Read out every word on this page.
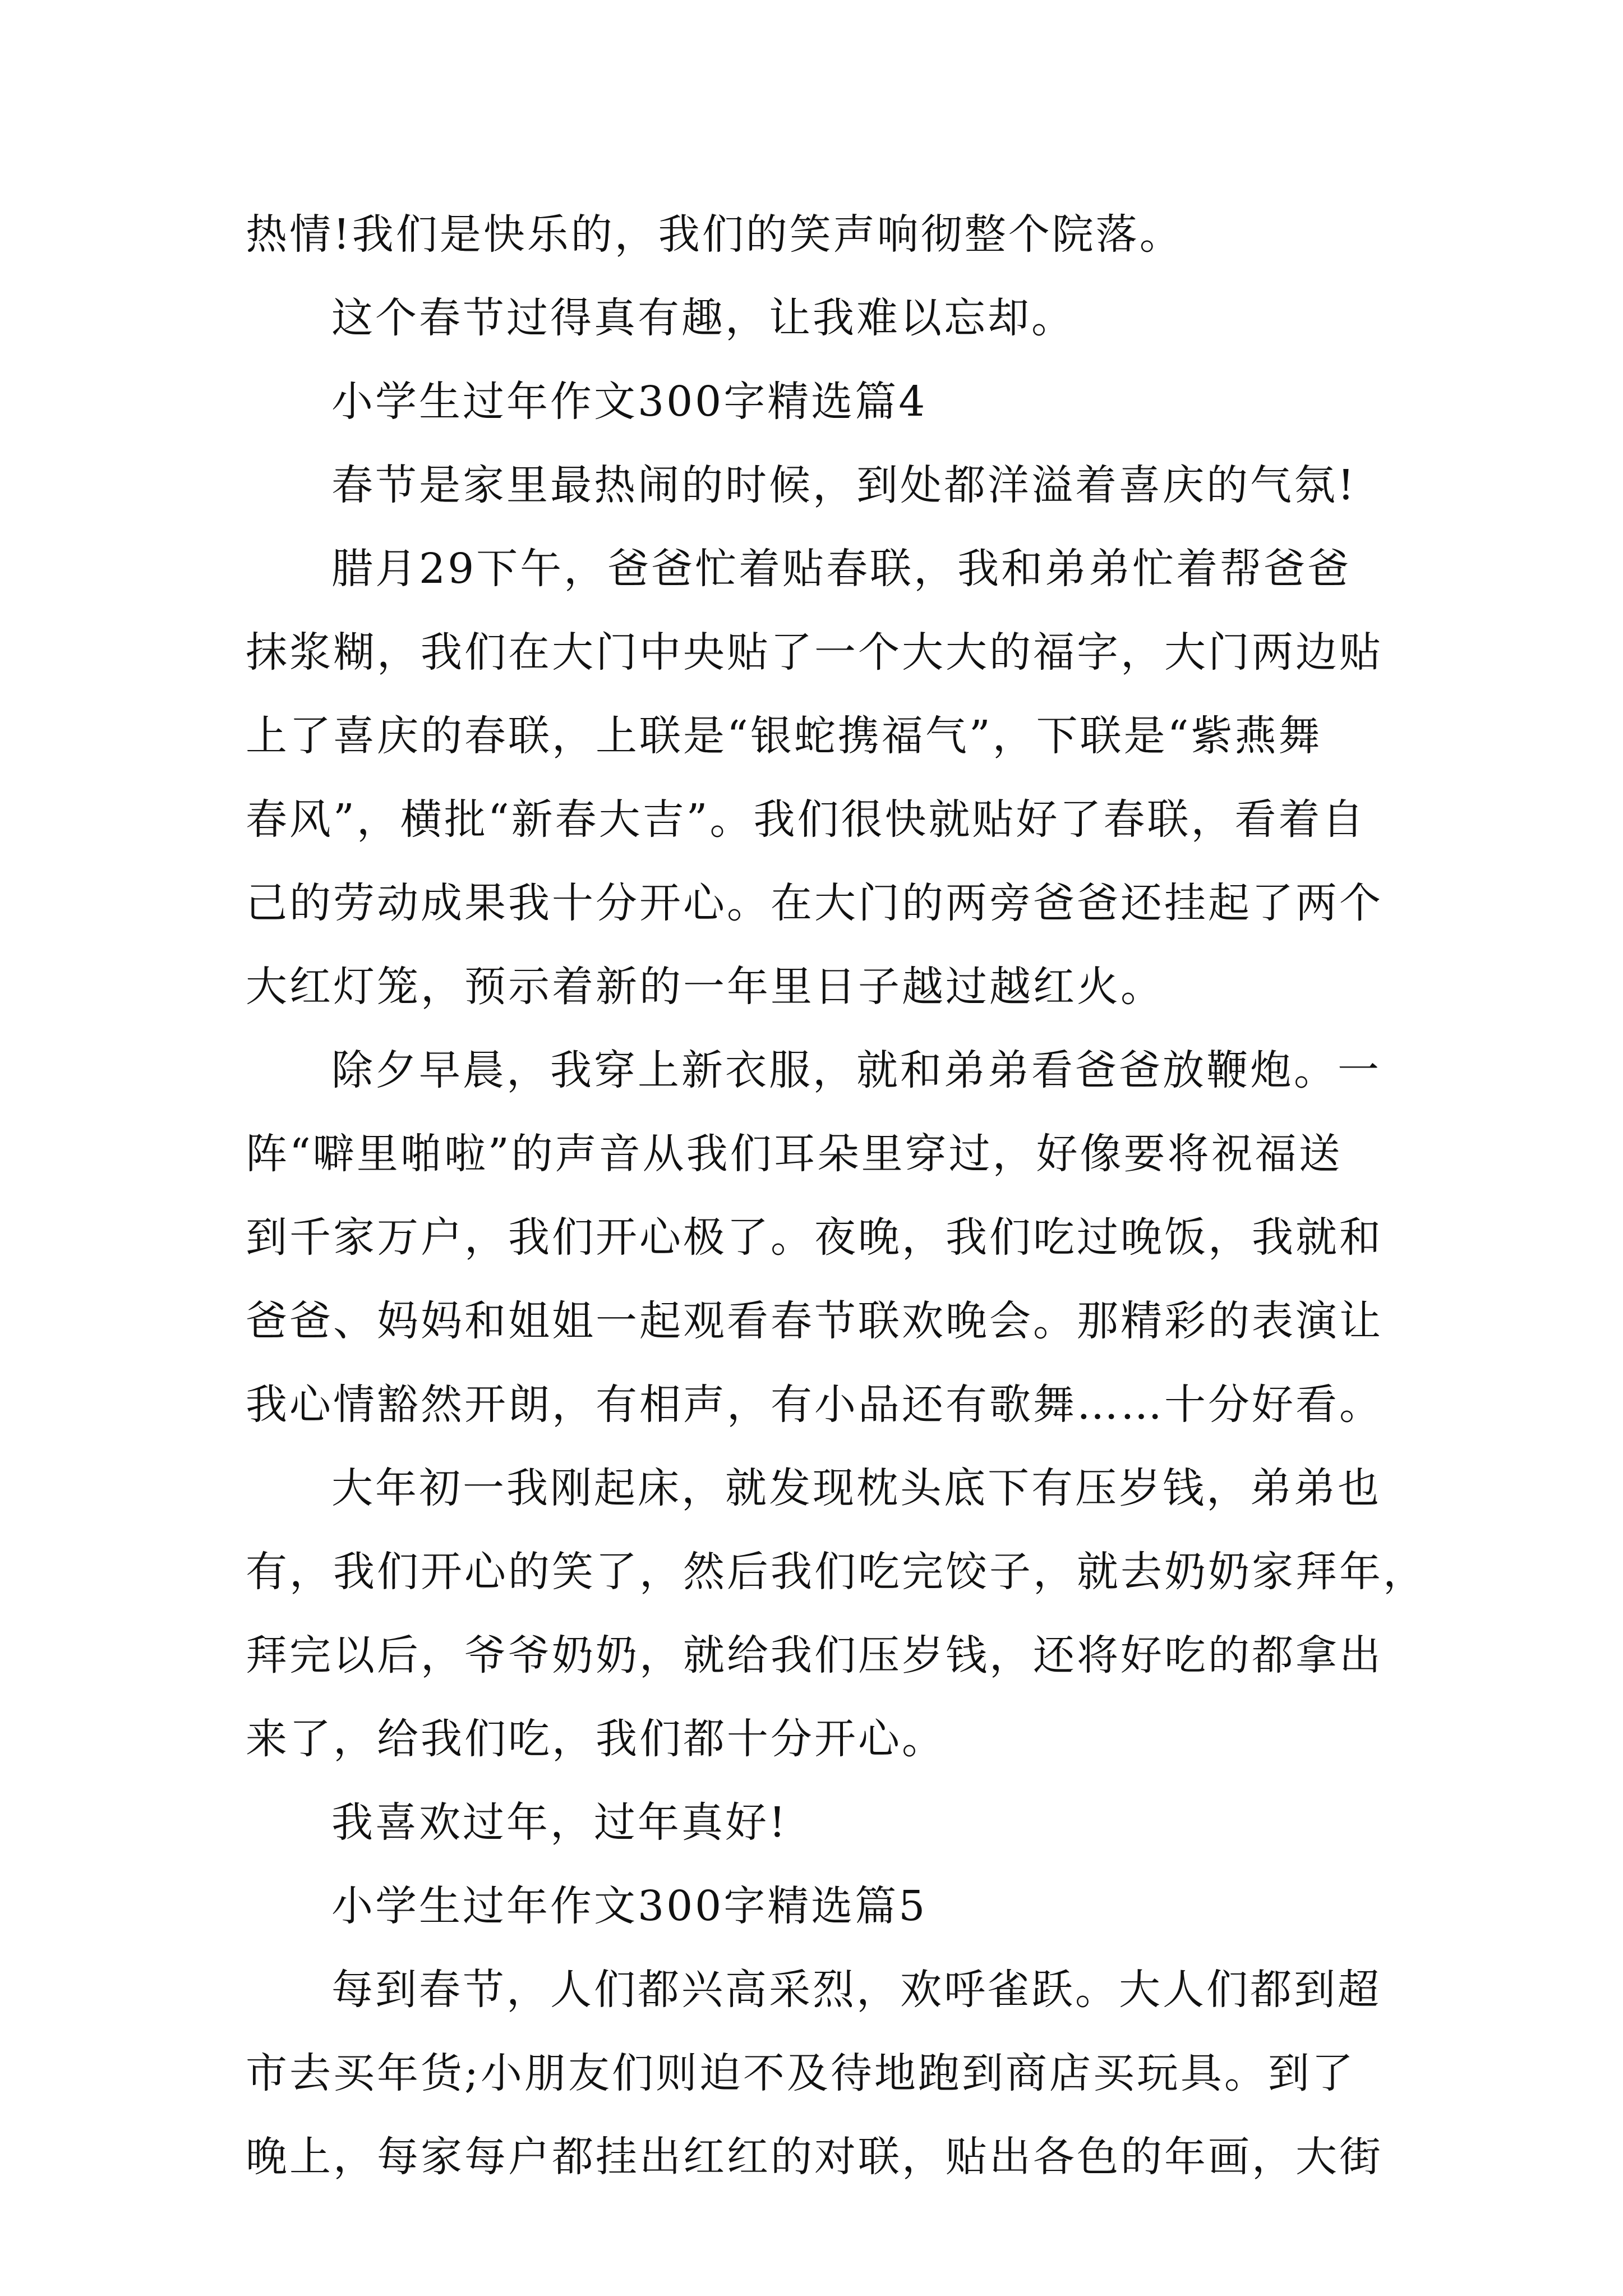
热情!我们是快乐的，我们的笑声响彻整个院落。
这个春节过得真有趣，让我难以忘却。
小学生过年作文300字精选篇4
春节是家里最热闹的时候，到处都洋溢着喜庆的气氛!
腊月29下午，爸爸忙着贴春联，我和弟弟忙着帮爸爸
抹浆糊，我们在大门中央贴了一个大大的福字，大门两边贴
上了喜庆的春联，上联是“银蛇携福气”，下联是“紫燕舞
春风”，横批“新春大吉”。我们很快就贴好了春联，看着自
己的劳动成果我十分开心。在大门的两旁爸爸还挂起了两个
大红灯笼，预示着新的一年里日子越过越红火。
除夕早晨，我穿上新衣服，就和弟弟看爸爸放鞭炮。一
阵“噼里啪啦”的声音从我们耳朵里穿过，好像要将祝福送
到千家万户，我们开心极了。夜晚，我们吃过晚饭，我就和
爸爸、妈妈和姐姐一起观看春节联欢晚会。那精彩的表演让
我心情豁然开朗，有相声，有小品还有歌舞……十分好看。
大年初一我刚起床，就发现枕头底下有压岁钱，弟弟也
有，我们开心的笑了，然后我们吃完饺子，就去奶奶家拜年，
拜完以后，爷爷奶奶，就给我们压岁钱，还将好吃的都拿出
来了，给我们吃，我们都十分开心。
我喜欢过年，过年真好!
小学生过年作文300字精选篇5
每到春节，人们都兴高采烈，欢呼雀跃。大人们都到超
市去买年货;小朋友们则迫不及待地跑到商店买玩具。到了
晚上，每家每户都挂出红红的对联，贴出各色的年画，大街
